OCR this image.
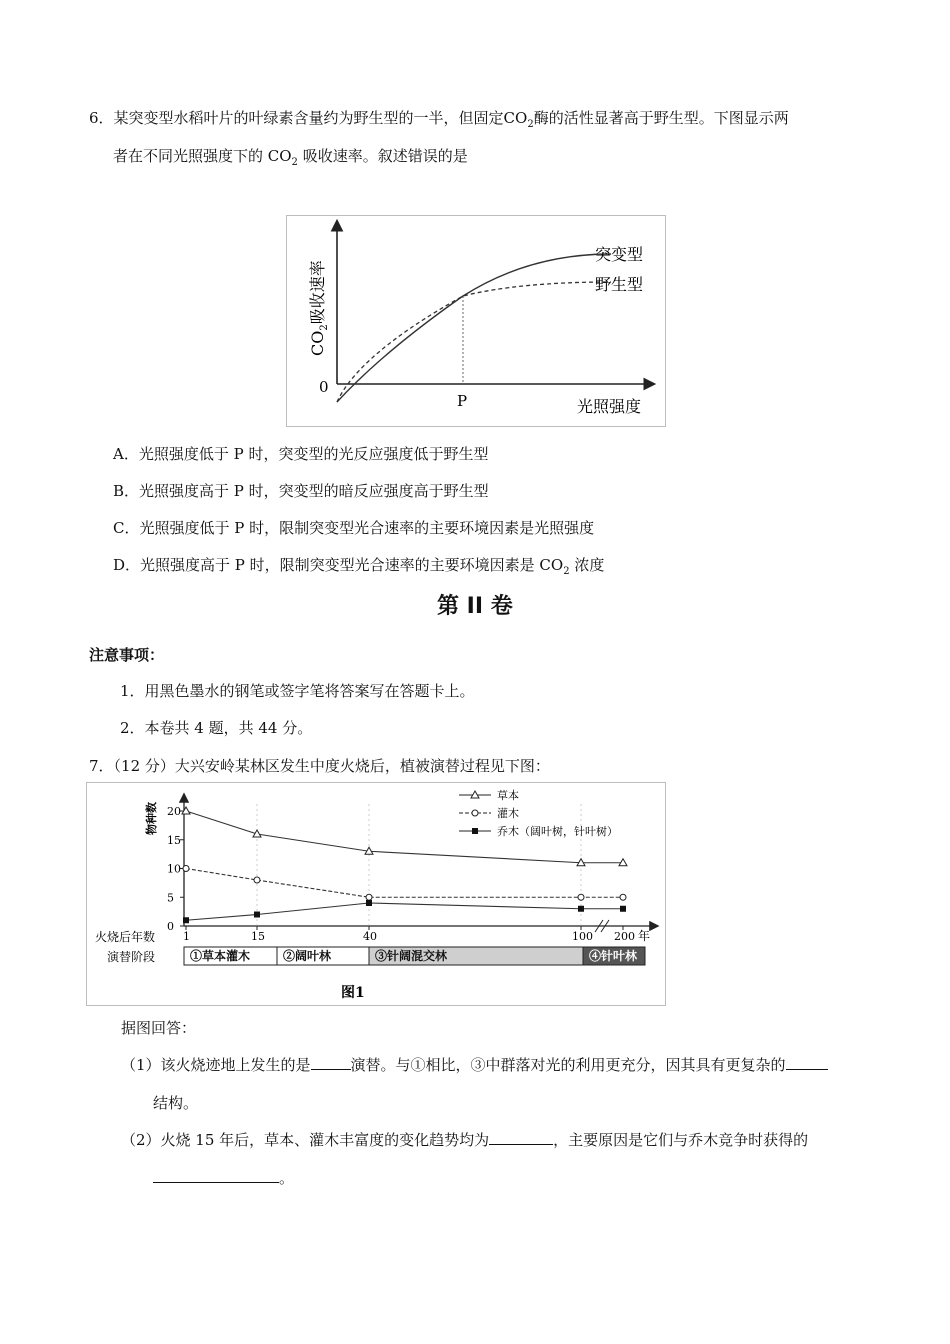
6．某突变型水稻叶片的叶绿素含量约为野生型的一半，但固定$CO_2$酶的活性显著高于野生型。下图显示两
者在不同光照强度下的 $CO_2$ 吸收速率。叙述错误的是
0
P	光照强度
突变型
野生型
$CO_2$吸收速率
A．光照强度低于 P 时，突变型的光反应强度低于野生型
B．光照强度高于 P 时，突变型的暗反应强度高于野生型
C．光照强度低于 P 时，限制突变型光合速率的主要环境因素是光照强度
D．光照强度高于 P 时，限制突变型光合速率的主要环境因素是 $CO_2$ 浓度
第 II 卷
注意事项：
1．用黑色墨水的钢笔或签字笔将答案写在答题卡上。
2．本卷共 4 题，共 44 分。
7．（12 分）大兴安岭某林区发生中度火烧后，植被演替过程见下图：
物种数
火烧后年数
演替阶段
年
图1
0
5
10
15
20
1	15	40	100 200
草本
灌木
乔木（阔叶树，针叶树）
①草本灌木	②阔叶林	③针阔混交林	④针叶林
据图回答：
（1）该火烧迹地上发生的是	演替。与①相比，③中群落对光的利用更充分，因其具有更复杂的
结构。
（2）火烧 15 年后，草本、灌木丰富度的变化趋势均为	，主要原因是它们与乔木竞争时获得的
。
